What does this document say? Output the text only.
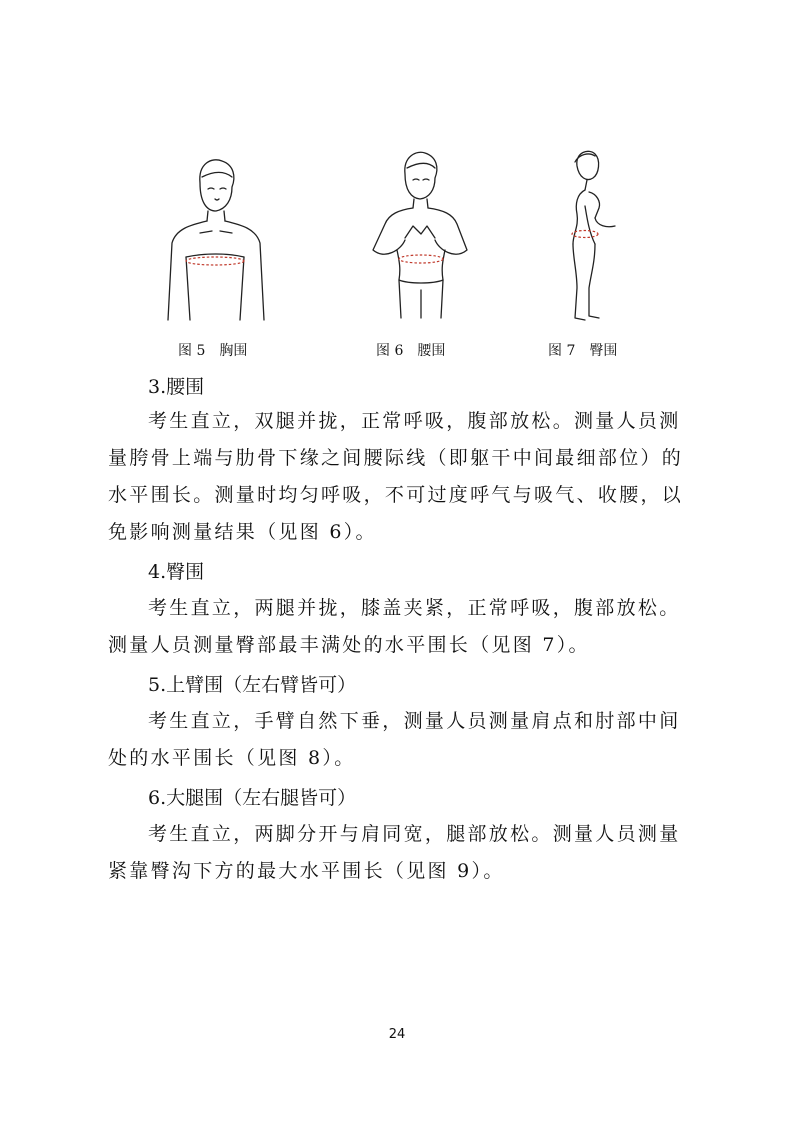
图 5　胸围	图 6　腰围	图 7　臀围
3.腰围

考生直立，双腿并拢，正常呼吸，腹部放松。测量人员测量胯骨上端与肋骨下缘之间腰际线（即躯干中间最细部位）的水平围长。测量时均匀呼吸，不可过度呼气与吸气、收腰，以免影响测量结果（见图 6）。

4.臀围

考生直立，两腿并拢，膝盖夹紧，正常呼吸，腹部放松。测量人员测量臀部最丰满处的水平围长（见图 7）。

5.上臂围（左右臂皆可）

考生直立，手臂自然下垂，测量人员测量肩点和肘部中间处的水平围长（见图 8）。

6.大腿围（左右腿皆可）

考生直立，两脚分开与肩同宽，腿部放松。测量人员测量紧靠臀沟下方的最大水平围长（见图 9）。

24
